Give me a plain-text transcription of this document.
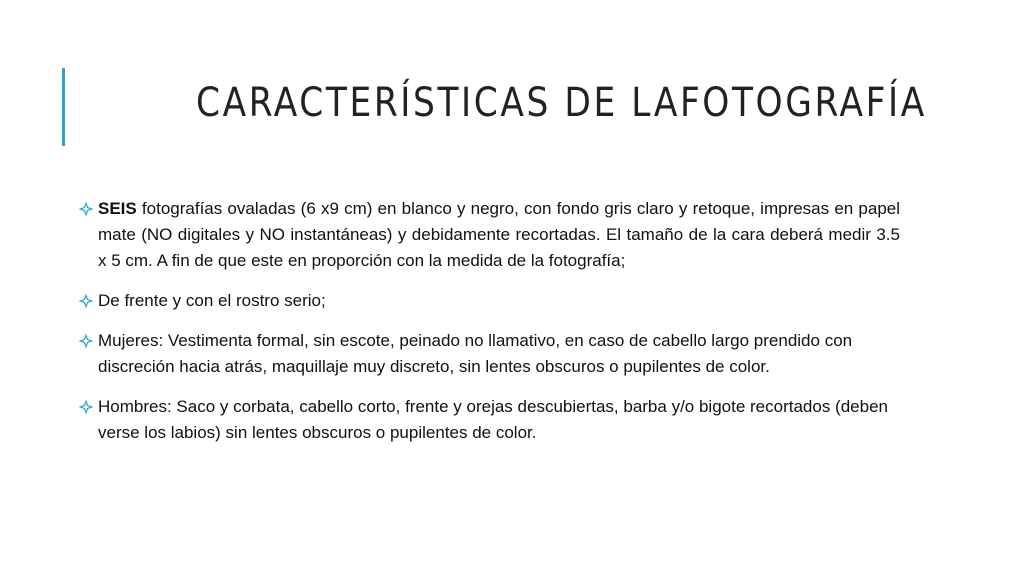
CARACTERÍSTICAS DE LAFOTOGRAFÍA
SEIS fotografías ovaladas (6 x9 cm) en blanco y negro, con fondo gris claro y retoque, impresas en papel mate (NO digitales y NO instantáneas) y debidamente recortadas. El tamaño de la cara deberá medir 3.5 x 5 cm. A fin de que este en proporción con la medida de la fotografía;
De frente y con el rostro serio;
Mujeres: Vestimenta formal, sin escote, peinado no llamativo, en caso de cabello largo prendido con discreción hacia atrás, maquillaje muy discreto, sin lentes obscuros o pupilentes de color.
Hombres: Saco y corbata, cabello corto, frente y orejas descubiertas, barba y/o bigote recortados (deben verse los labios) sin lentes obscuros o pupilentes de color.
